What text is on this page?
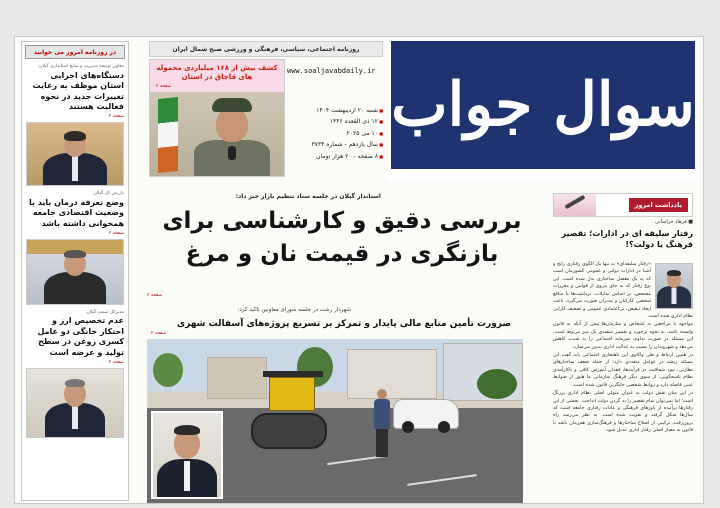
در روزنامه امروز می خوانید
معاون توسعه مدیریت و منابع استانداری گیلان:
دستگاه‌های اجرایی استان موظف به رعایت تغییرات جدید در نحوه فعالیت هستند
صفحه ۲
بازرس کل گیلان:
وضع تعرفه درمان باید با وضعیت اقتصادی جامعه همخوانی داشته باشد
صفحه ۲
مدیرکل صمت گیلان:
عدم تخصیص ارز و احتکار خانگی دو عامل کسری روغن در سطح تولید و عرضه است
صفحه ۲
روزنامه اجتماعی، سیاسی، فرهنگی و ورزشی صبح شمال ایران
کشف بیش از ۱۶۸ میلیاردی محموله های قاچاق در استان
صفحه ۲
www.soaljavabdaily.ir
■ شنبه ۲۰ اردیبهشت ۱۴۰۴
■ ۱۲ ذی القعده ۱۴۴۶
■ ۱۰ می ۲۰۲۵
■ سال یازدهم - شماره ۳۷۳۴
■ ۸ صفحه - ۲۰ هزار تومان
سوال جواب
استاندار گیلان در جلسه ستاد تنظیم بازار خبر داد:
بررسی دقیق و کارشناسی برای بازنگری در قیمت نان و مرغ
صفحه ۲
شهردار رشت در جلسه شورای معاونین تاکید کرد:
ضرورت تأمین منابع مالی پایدار و تمرکز بر تسریع پروژه‌های آسفالت شهری
صفحه ۲
یادداشت امروز
■ فرهاد خراسانی
رفتار سلیقه ای در ادارات؛ تقصیر فرهنگ یا دولت؟!

«رفتار سلیقه‌ای» نه تنها یک الگوی رفتاری رایج و آشنا در ادارات دولتی و عمومی کشورمان است که به یک معضل ساختاری بدل شده است. این نوع رفتار که به جای پیروی از قوانین و مقررات مشخص، بر اساس تمایلات، برداشت‌ها یا منافع شخصی کارکنان و مدیران صورت می‌گیرد، باعث ایجاد تبعیض، بی‌اعتمادی عمومی و تضعیف کارایی نظام اداری شده است.

مواجهه با مراجعین به اشخاص و سازمان‌ها پیش از آنکه به قانون وابسته باشد، به نحوه برخورد و تفسیر متصدی یک میز مربوط است. این مسئله در صورت تداوم، سرمایه اجتماعی را به شدت کاهش می‌دهد و شهروندان را نسبت به عدالت اداری بدبین می‌سازد.

در همین ارتباط و طی واکاوی این ناهنجاری اجتماعی باید گفت این مسئله ریشه در عوامل متعددی دارد؛ از جمله ضعف ساختارهای نظارتی، نبود شفافیت در فرآیندها، فقدان آموزش کافی و ناکارآمدی نظام پاسخگویی. از سوی دیگر فرهنگ سازمانی ما هنوز از ضوابط عینی فاصله دارد و روابط شخصی جایگزین قانون شده است.

در این میان نقش دولت به عنوان متولی اصلی نظام اداری پررنگ است؛ اما نمی‌توان تمام تقصیر را به گردن دولت انداخت. بخشی از این رفتارها برآمده از باورهای فرهنگی و عادات رفتاری جامعه است که سال‌ها شکل گرفته و تقویت شده است. به نظر می‌رسد راه برون‌رفت، ترکیبی از اصلاح ساختارها و فرهنگ‌سازی هم‌زمان باشد تا قانون به معیار اصلی رفتار اداری تبدیل شود.
